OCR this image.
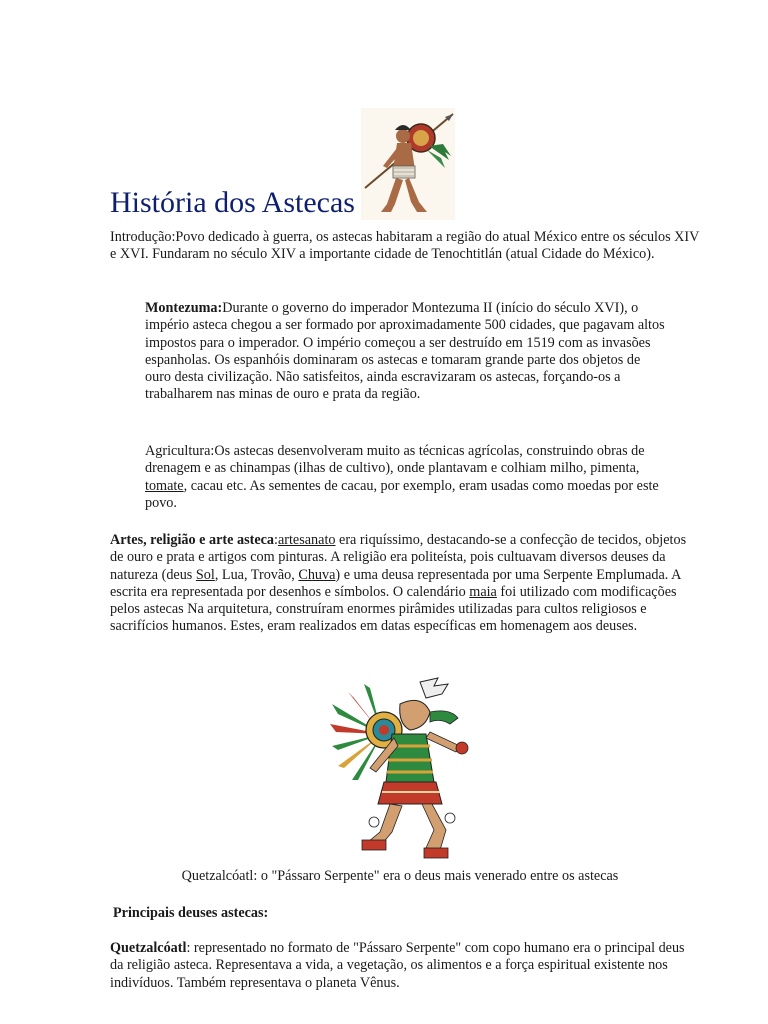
História dos Astecas

Introdução:Povo dedicado à guerra, os astecas habitaram a região do atual México entre os séculos XIV e XVI. Fundaram no século XIV a importante cidade de Tenochtitlán (atual Cidade do México).

Montezuma:Durante o governo do imperador Montezuma II (início do século XVI), o império asteca chegou a ser formado por aproximadamente 500 cidades, que pagavam altos impostos para o imperador. O império começou a ser destruído em 1519 com as invasões espanholas. Os espanhóis dominaram os astecas e tomaram grande parte dos objetos de ouro desta civilização. Não satisfeitos, ainda escravizaram os astecas, forçando-os a trabalharem nas minas de ouro e prata da região.

Agricultura:Os astecas desenvolveram muito as técnicas agrícolas, construindo obras de drenagem e as chinampas (ilhas de cultivo), onde plantavam e colhiam milho, pimenta, tomate, cacau etc. As sementes de cacau, por exemplo, eram usadas como moedas por este povo.

Artes, religião e arte asteca:artesanato era riquíssimo, destacando-se a confecção de tecidos, objetos de ouro e prata e artigos com pinturas. A religião era politeísta, pois cultuavam diversos deuses da natureza (deus Sol, Lua, Trovão, Chuva) e uma deusa representada por uma Serpente Emplumada. A escrita era representada por desenhos e símbolos. O calendário maia foi utilizado com modificações pelos astecas Na arquitetura, construíram enormes pirâmides utilizadas para cultos religiosos e sacrifícios humanos. Estes, eram realizados em datas específicas em homenagem aos deuses.

Quetzalcóatl: o "Pássaro Serpente" era o deus mais venerado entre os astecas

Principais deuses astecas:

Quetzalcóatl: representado no formato de "Pássaro Serpente" com copo humano era o principal deus da religião asteca. Representava a vida, a vegetação, os alimentos e a força espiritual existente nos indivíduos. Também representava o planeta Vênus.
